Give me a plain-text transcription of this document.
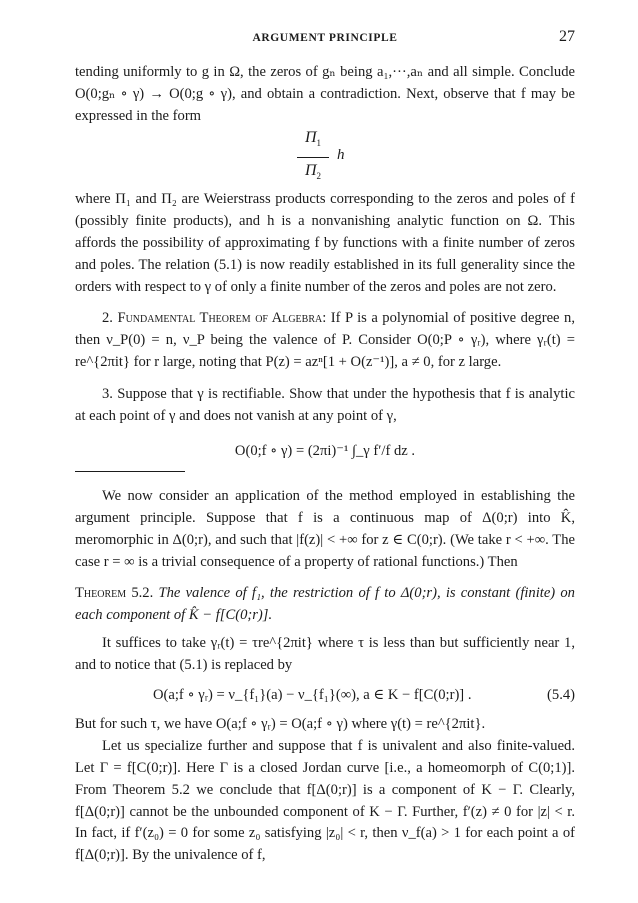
ARGUMENT PRINCIPLE	27

tending uniformly to g in Ω, the zeros of gₙ being a₁,···,aₙ and all simple. Conclude O(0;gₙ ∘ γ) → O(0;g ∘ γ), and obtain a contradiction. Next, observe that f may be expressed in the form

$\Pi_1$
$\Pi_2$
h

where Π₁ and Π₂ are Weierstrass products corresponding to the zeros and poles of f (possibly finite products), and h is a nonvanishing analytic function on Ω. This affords the possibility of approximating f by functions with a finite number of zeros and poles. The relation (5.1) is now readily established in its full generality since the orders with respect to γ of only a finite number of the zeros and poles are not zero.

2. Fundamental Theorem of Algebra: If P is a polynomial of positive degree n, then ν_P(0) = n, ν_P being the valence of P. Consider O(0;P ∘ γᵣ), where γᵣ(t) = re^{2πit} for r large, noting that P(z) = azⁿ[1 + O(z⁻¹)], a ≠ 0, for z large.

3. Suppose that γ is rectifiable. Show that under the hypothesis that f is analytic at each point of γ and does not vanish at any point of γ,

O(0;f ∘ γ) = (2πi)⁻¹ ∫_γ f′/f dz .

We now consider an application of the method employed in establishing the argument principle. Suppose that f is a continuous map of Δ(0;r) into K̂, meromorphic in Δ(0;r), and such that |f(z)| < +∞ for z ∈ C(0;r). (We take r < +∞. The case r = ∞ is a trivial consequence of a property of rational functions.) Then

Theorem 5.2. The valence of f₁, the restriction of f to Δ(0;r), is constant (finite) on each component of K̂ − f[C(0;r)].

It suffices to take γᵣ(t) = τre^{2πit} where τ is less than but sufficiently near 1, and to notice that (5.1) is replaced by

O(a;f ∘ γᵣ) = ν_{f₁}(a) − ν_{f₁}(∞), a ∈ K − f[C(0;r)] .	(5.4)

But for such τ, we have O(a;f ∘ γᵣ) = O(a;f ∘ γ) where γ(t) = re^{2πit}.

Let us specialize further and suppose that f is univalent and also finite-valued. Let Γ = f[C(0;r)]. Here Γ is a closed Jordan curve [i.e., a homeomorph of C(0;1)]. From Theorem 5.2 we conclude that f[Δ(0;r)] is a component of K − Γ. Clearly, f[Δ(0;r)] cannot be the unbounded component of K − Γ. Further, f′(z) ≠ 0 for |z| < r. In fact, if f′(z₀) = 0 for some z₀ satisfying |z₀| < r, then ν_f(a) > 1 for each point a of f[Δ(0;r)]. By the univalence of f,
